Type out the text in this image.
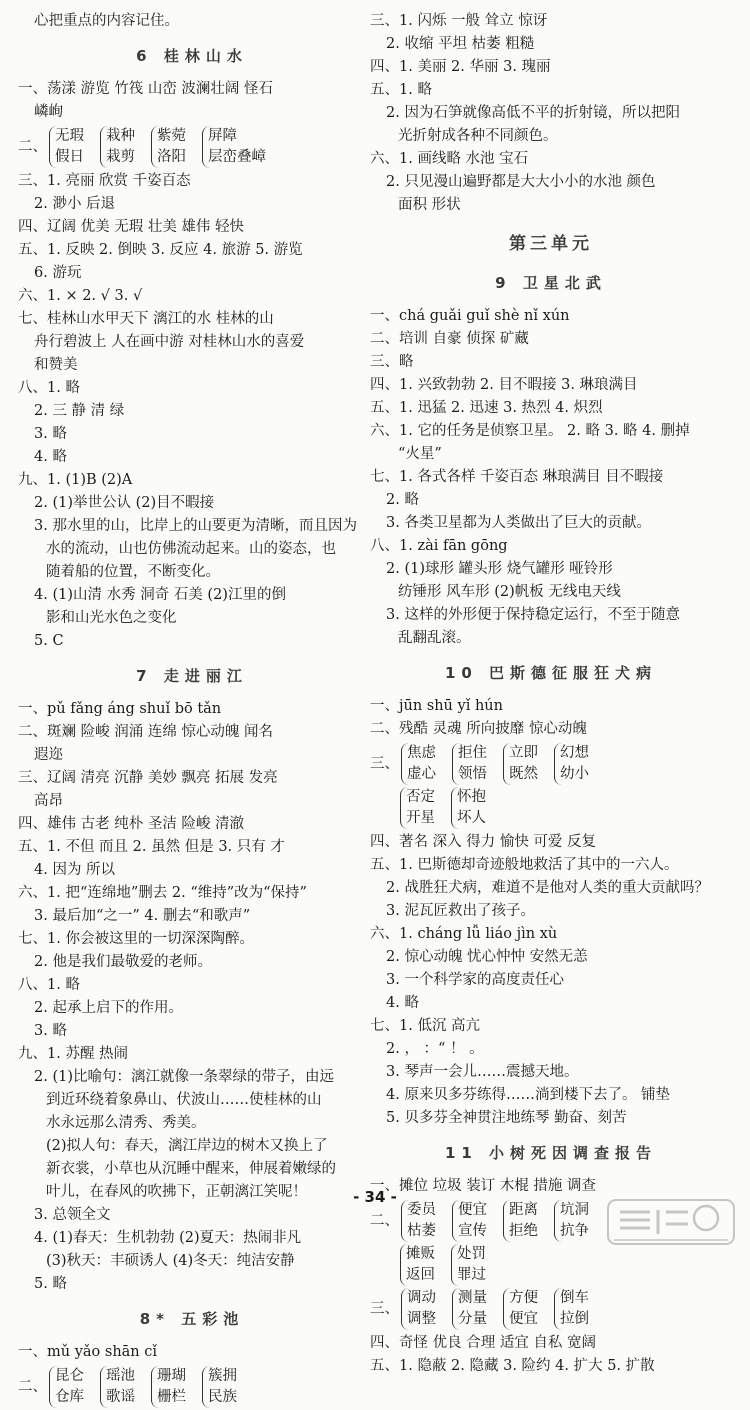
心把重点的内容记住。
6 桂林山水
一、荡漾 游览 竹筏 山峦 波澜壮阔 怪石
嶙峋
二、
无瑕
假日
栽种
栽剪
紫菀
洛阳
屏障
层峦叠嶂
三、1. 亮丽 欣赏 千姿百态
2. 渺小 后退
四、辽阔 优美 无瑕 壮美 雄伟 轻快
五、1. 反映 2. 倒映 3. 反应 4. 旅游 5. 游览
6. 游玩
六、1. × 2. √ 3. √
七、桂林山水甲天下 漓江的水 桂林的山
舟行碧波上 人在画中游 对桂林山水的喜爱
和赞美
八、1. 略
2. 三 静 清 绿
3. 略
4. 略
九、1. (1)B (2)A
2. (1)举世公认 (2)目不暇接
3. 那水里的山，比岸上的山要更为清晰，而且因为
水的流动，山也仿佛流动起来。山的姿态，也
随着船的位置，不断变化。
4. (1)山清 水秀 洞奇 石美 (2)江里的倒
影和山光水色之变化
5. C
7 走进丽江
一、pǔ fǎng áng shuǐ bō tǎn
二、斑斓 险峻 润涌 连绵 惊心动魄 闻名
遐迩
三、辽阔 清亮 沉静 美妙 飘亮 拓展 发亮
高昂
四、雄伟 古老 纯朴 圣洁 险峻 清澈
五、1. 不但 而且 2. 虽然 但是 3. 只有 才
4. 因为 所以
六、1. 把“连绵地”删去 2. “维持”改为“保持”
3. 最后加“之一” 4. 删去“和歌声”
七、1. 你会被这里的一切深深陶醉。
2. 他是我们最敬爱的老师。
八、1. 略
2. 起承上启下的作用。
3. 略
九、1. 苏醒 热闹
2. (1)比喻句：漓江就像一条翠绿的带子，由远
到近环绕着象鼻山、伏波山……使桂林的山
水永远那么清秀、秀美。
(2)拟人句：春天，漓江岸边的树木又换上了
新衣裳，小草也从沉睡中醒来，伸展着嫩绿的
叶儿，在春风的吹拂下，正朝漓江笑呢！
3. 总领全文
4. (1)春天：生机勃勃 (2)夏天：热闹非凡
(3)秋天：丰硕诱人 (4)冬天：纯洁安静
5. 略
8* 五彩池
一、mǔ yǎo shān cǐ
二、
昆仑
仓库
瑶池
歌谣
珊瑚
栅栏
簇拥
民族
三、1. 闪烁 一般 耸立 惊讶
2. 收缩 平坦 枯萎 粗糙
四、1. 美丽 2. 华丽 3. 瑰丽
五、1. 略
2. 因为石笋就像高低不平的折射镜，所以把阳
光折射成各种不同颜色。
六、1. 画线略 水池 宝石
2. 只见漫山遍野都是大大小小的水池 颜色
面积 形状
第三单元
9 卫星北武
一、chá guǎi guǐ shè nǐ xún
二、培训 自豪 侦探 矿藏
三、略
四、1. 兴致勃勃 2. 目不暇接 3. 琳琅满目
五、1. 迅猛 2. 迅速 3. 热烈 4. 炽烈
六、1. 它的任务是侦察卫星。 2. 略 3. 略 4. 删掉
“火星”
七、1. 各式各样 千姿百态 琳琅满目 目不暇接
2. 略
3. 各类卫星都为人类做出了巨大的贡献。
八、1. zài fān gōng
2. (1)球形 罐头形 烧气罐形 哑铃形
纺锤形 风车形 (2)帆板 无线电天线
3. 这样的外形便于保持稳定运行，不至于随意
乱翻乱滚。
10 巴斯德征服狂犬病
一、jūn shū yǐ hún
二、残酷 灵魂 所向披靡 惊心动魄
三、
焦虑
虚心
拒住
领悟
立即
既然
幻想
幼小
否定
开星
怀抱
坏人
四、著名 深入 得力 愉快 可爱 反复
五、1. 巴斯德却奇迹般地救活了其中的一六人。
2. 战胜狂犬病，难道不是他对人类的重大贡献吗？
3. 泥瓦匠救出了孩子。
六、1. cháng lǚ liáo jìn xù
2. 惊心动魄 忧心忡忡 安然无恙
3. 一个科学家的高度责任心
4. 略
七、1. 低沉 高亢
2. ， ：“ ！ 。
3. 琴声一会儿……震撼天地。
4. 原来贝多芬练得……淌到楼下去了。 铺垫
5. 贝多芬全神贯注地练琴 勤奋、刻苦
11 小树死因调查报告
一、摊位 垃圾 装订 木棍 措施 调查
二、
委员
枯萎
便宜
宣传
距离
拒绝
坑洞
抗争
摊贩
返回
处罚
罪过
三、
调动
调整
测量
分量
方便
便宜
倒车
拉倒
四、奇怪 优良 合理 适宜 自私 宽阔
五、1. 隐蔽 2. 隐藏 3. 险约 4. 扩大 5. 扩散
- 34 -
